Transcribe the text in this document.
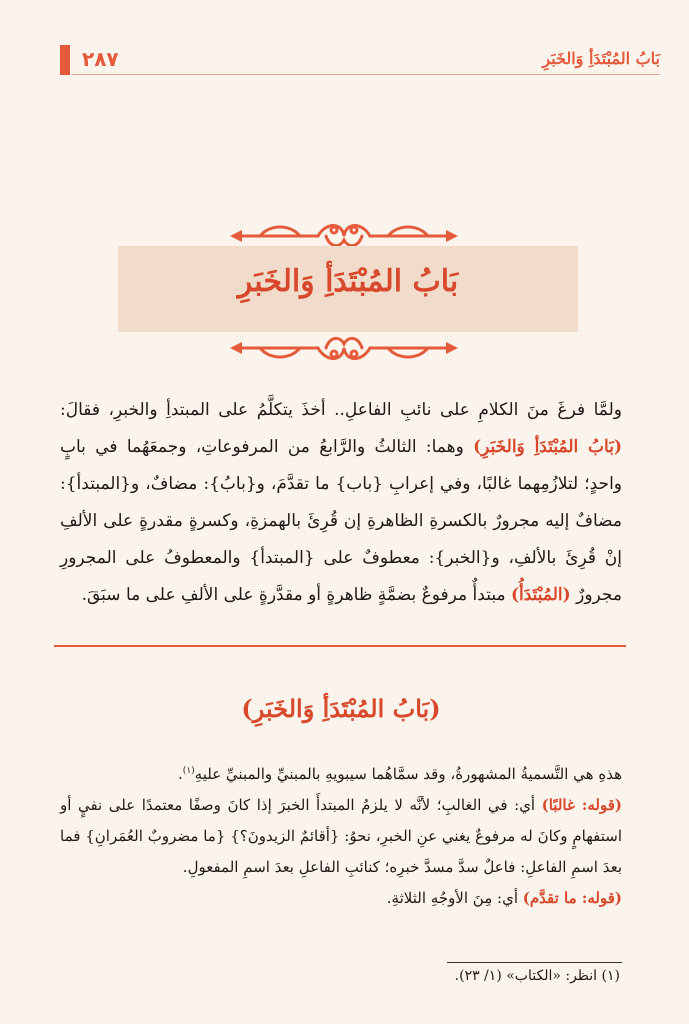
٢٨٧	بَابُ المُبْتَدَأِ وَالخَبَرِ
بَابُ المُبْتَدَأِ وَالخَبَرِ
ولمَّا فرغَ منَ الكلامِ على نائبِ الفاعلِ.. أخذَ يتكلَّمُ على المبتدأِ والخبرِ، فقالَ: (بَابُ المُبْتَدَأِ وَالخَبَرِ) وهما: الثالثُ والرَّابعُ من المرفوعاتِ، وجمعَهُما في بابٍ واحدٍ؛ لتلازُمِهما غالبًا، وفي إعرابِ {باب} ما تقدَّمَ، و{بابُ}: مضافٌ، و{المبتدأ}: مضافٌ إليه مجرورٌ بالكسرةِ الظاهرةِ إن قُرِئَ بالهمزةِ، وكسرةٍ مقدرةٍ على الألفِ إنْ قُرِئَ بالألفِ، و{الخبر}: معطوفٌ على {المبتدأ} والمعطوفُ على المجرورِ مجرورٌ (المُبْتَدَأُ) مبتدأٌ مرفوعٌ بضمَّةٍ ظاهرةٍ أو مقدَّرةٍ على الألفِ على ما سبَقَ.
(بَابُ المُبْتَدَأِ وَالخَبَرِ)
هذهِ هي التَّسميةُ المشهورةُ، وقد سمَّاهُما سيبويهِ بالمبنيِّ والمبنيِّ عليهِ$^{(١)}$.
(قوله: غالبًا) أي: في الغالبِ؛ لأنَّه لا يلزمُ المبتدأَ الخبرَ إذا كانَ وصفًا معتمدًا على نفيٍ أو استفهامٍ وكانَ له مرفوعٌ يغني عنِ الخبرِ، نحوُ: {أقائمٌ الزيدونَ؟} {ما مضروبٌ العُمَرانِ} فما بعدَ اسمِ الفاعلِ: فاعلٌ سدَّ مسدَّ خبرِه؛ كنائبِ الفاعلِ بعدَ اسمِ المفعولِ.
(قوله: ما تقدَّم) أي: مِنَ الأوجُهِ الثلاثةِ.
(١) انظر: «الكتاب» (١/ ٢٣).
